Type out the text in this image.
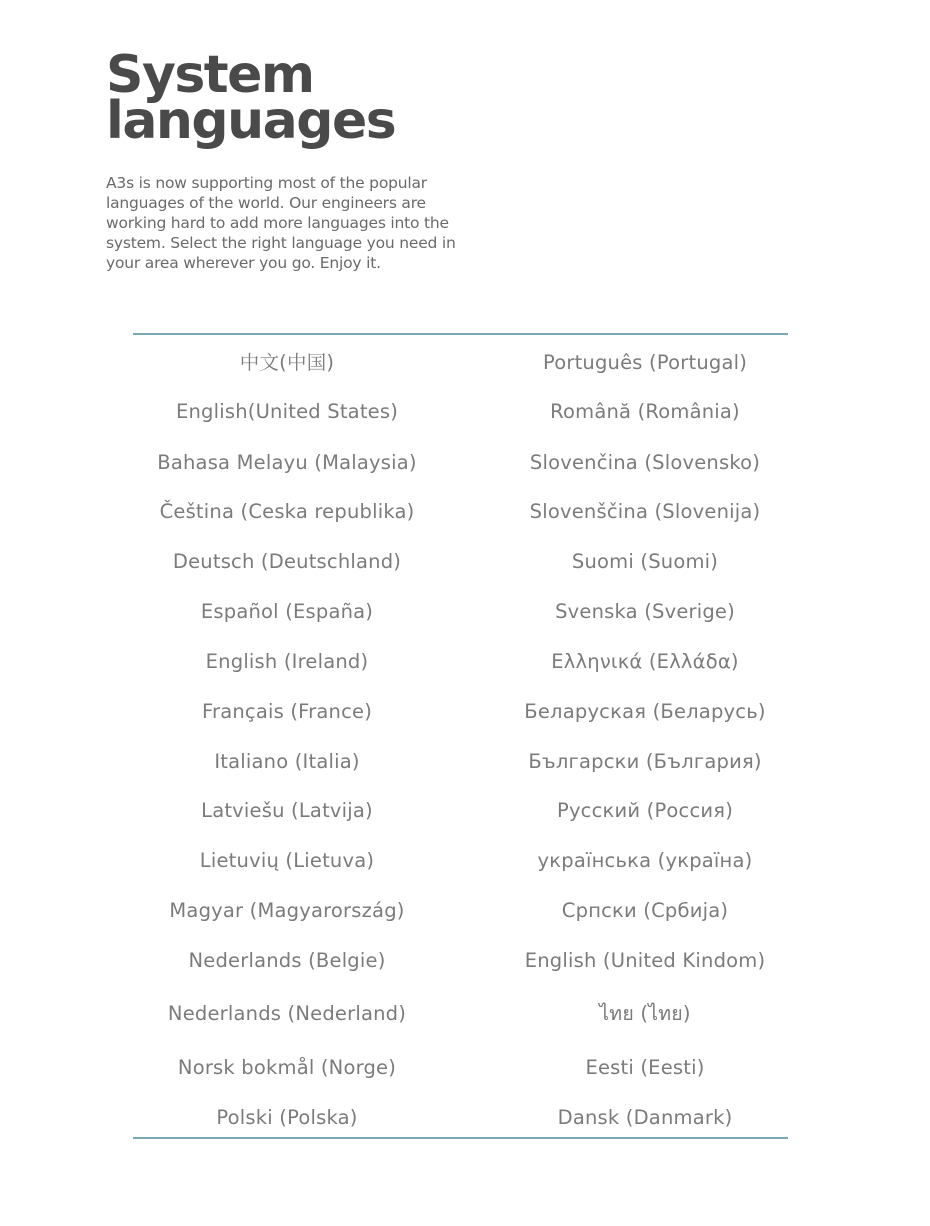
System
languages

A3s is now supporting most of the popular languages of the world. Our engineers are working hard to add more languages into the system. Select the right language you need in your area wherever you go. Enjoy it.

中文(中国)
English(United States)
Bahasa Melayu (Malaysia)
Čeština (Ceska republika)
Deutsch (Deutschland)
Español (España)
English (Ireland)
Français (France)
Italiano (Italia)
Latviešu (Latvija)
Lietuvių (Lietuva)
Magyar (Magyarország)
Nederlands (Belgie)
Nederlands (Nederland)
Norsk bokmål (Norge)
Polski (Polska)
Português (Portugal)
Română (România)
Slovenčina (Slovensko)
Slovenščina (Slovenija)
Suomi (Suomi)
Svenska (Sverige)
Ελληνικά (Ελλάδα)
Беларуская (Беларусь)
Български (България)
Русский (Россия)
українська (україна)
Српски (Србија)
English (United Kindom)
ไทย (ไทย)
Eesti (Eesti)
Dansk (Danmark)
